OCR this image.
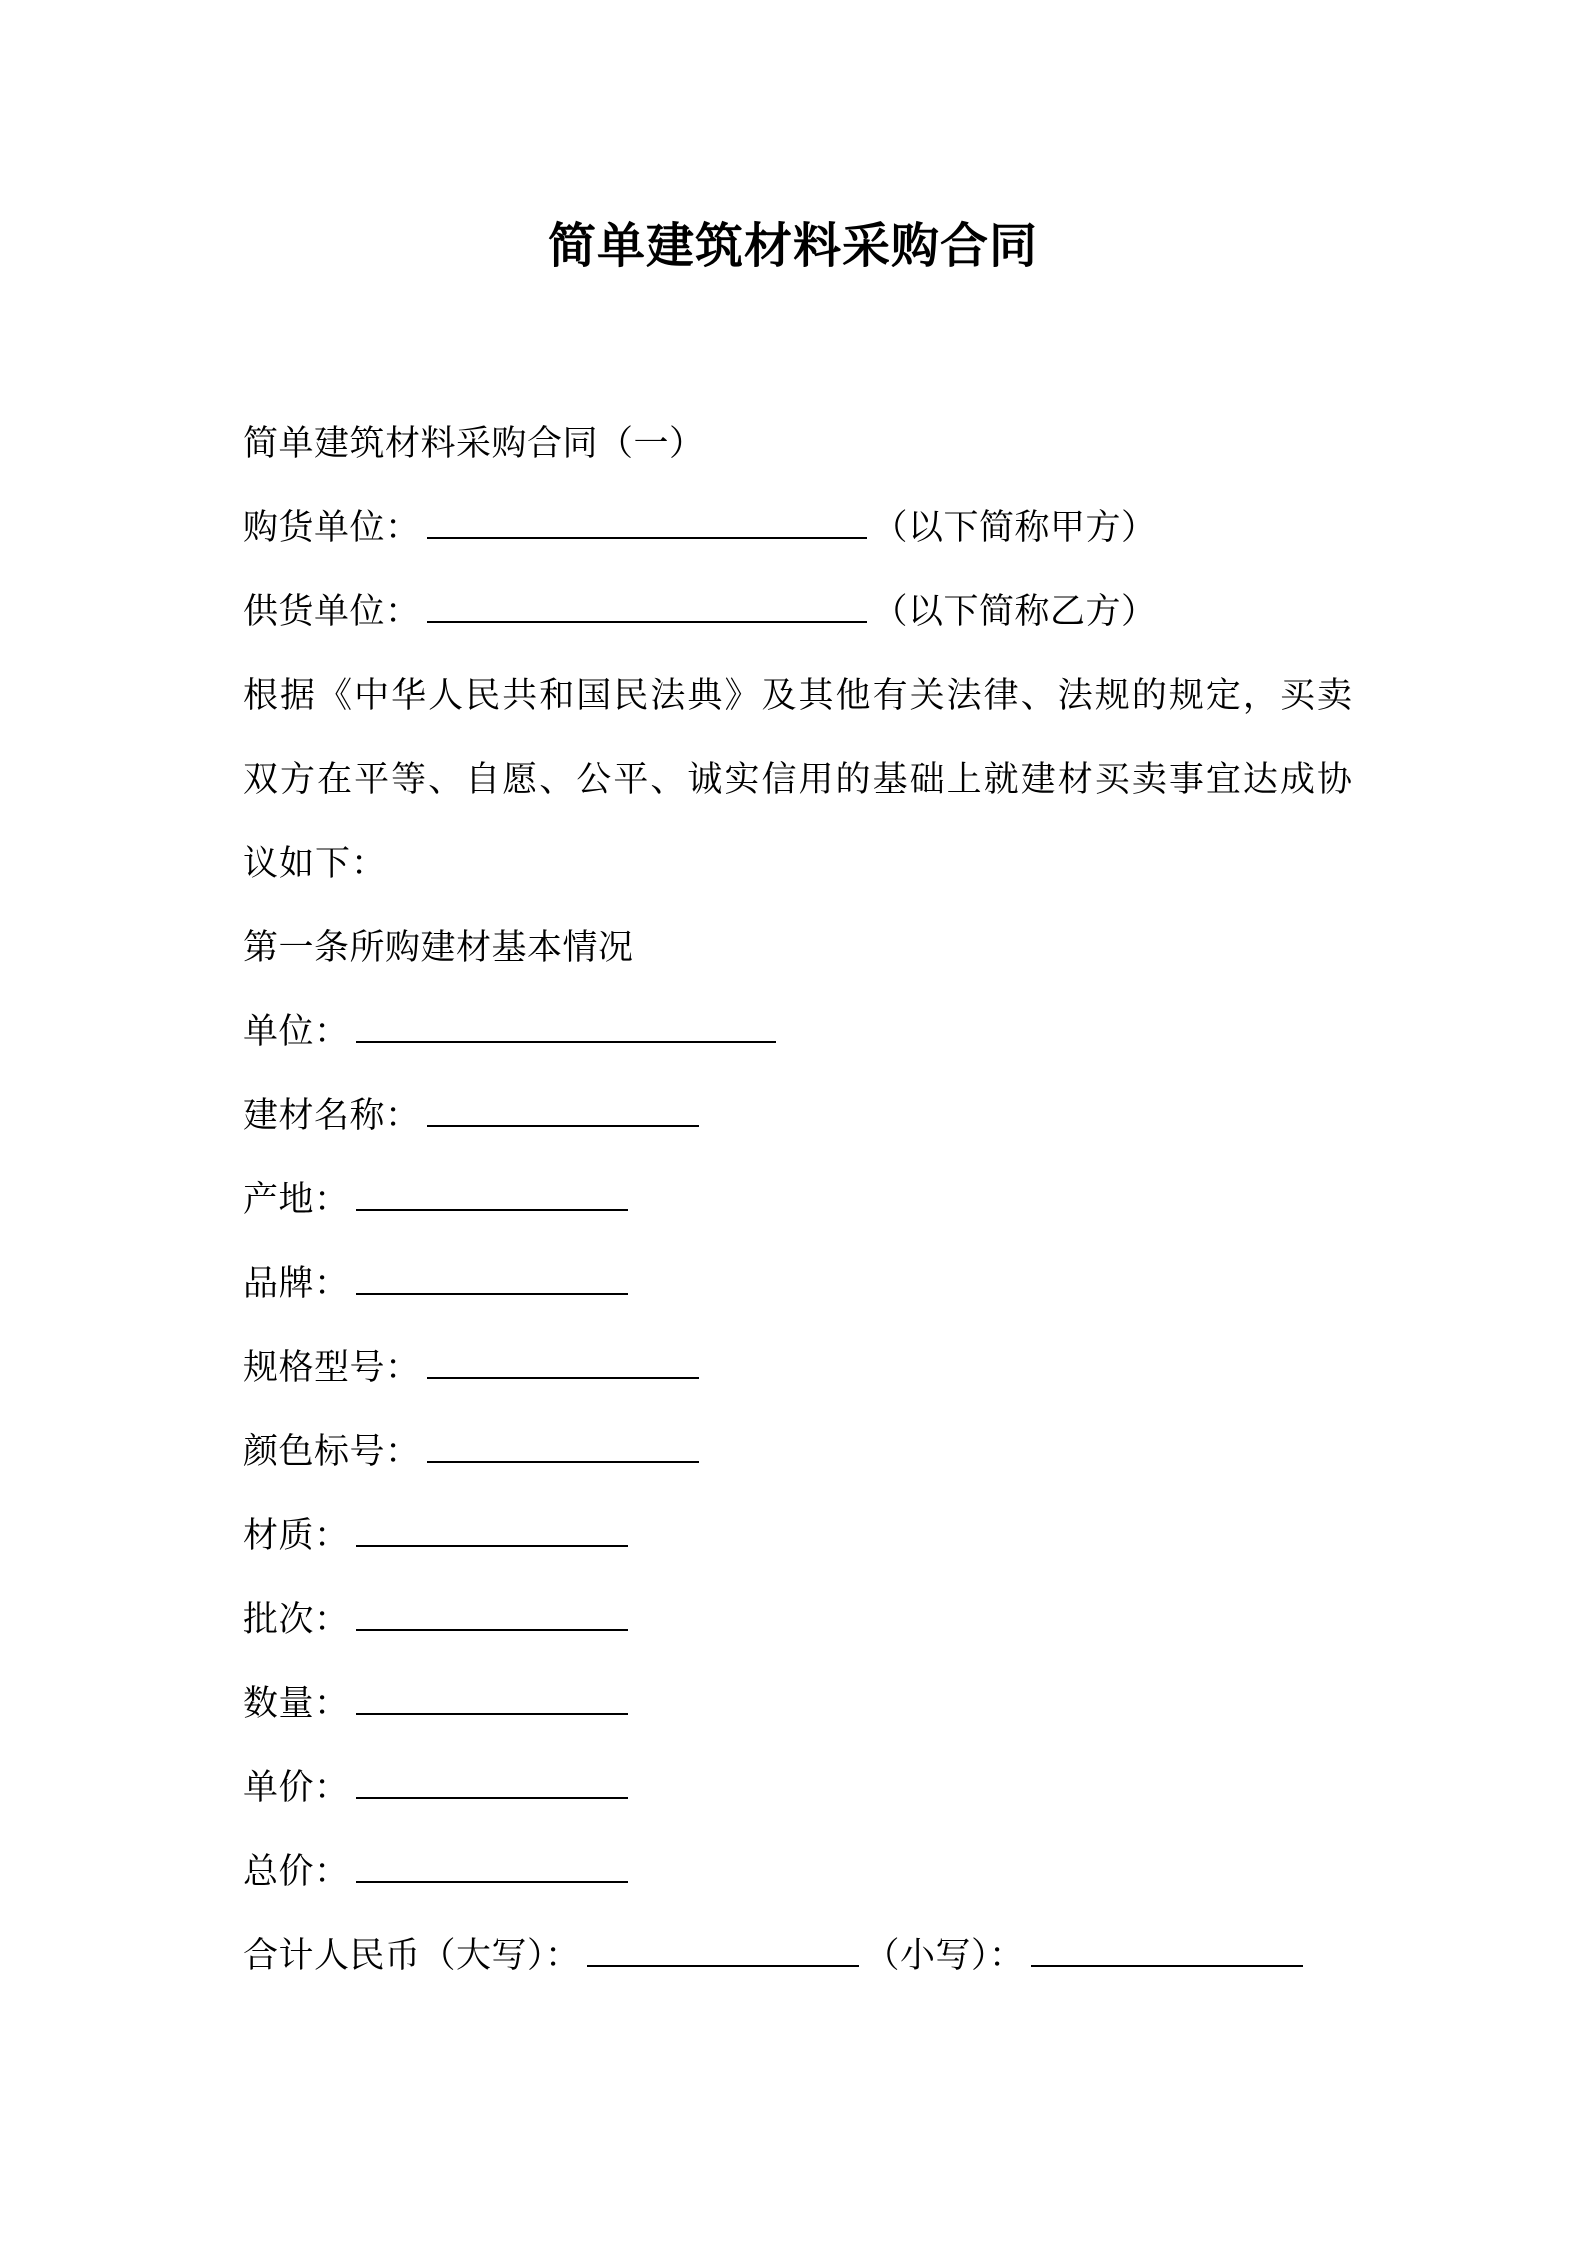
简单建筑材料采购合同
简单建筑材料采购合同（一）
购货单位：	（以下简称甲方）
供货单位：	（以下简称乙方）
根据《中华人民共和国民法典》及其他有关法律、法规的规定，买卖双方在平等、自愿、公平、诚实信用的基础上就建材买卖事宜达成协议如下：
第一条所购建材基本情况
单位：
建材名称：
产地：
品牌：
规格型号：
颜色标号：
材质：
批次：
数量：
单价：
总价：
合计人民币（大写）：	（小写）：
